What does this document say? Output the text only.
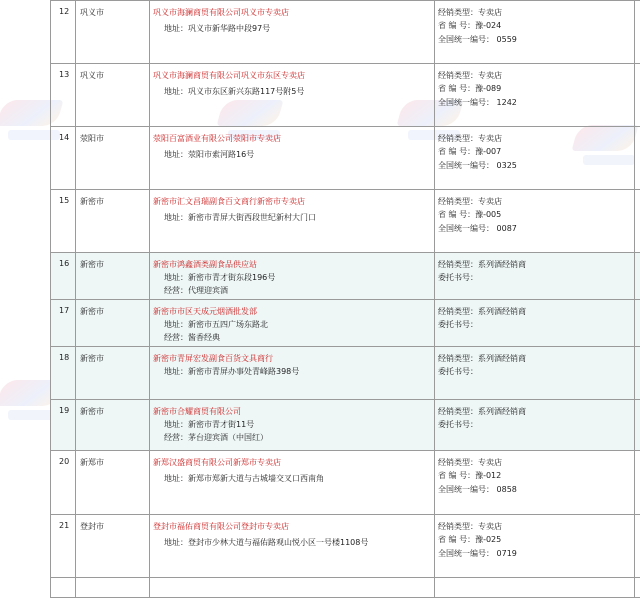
12	巩义市	巩义市海澜商贸有限公司巩义市专卖店
地址：巩义市新华路中段97号	经销类型：专卖店
省 编 号：豫-024
全国统一编号： 0559	

13	巩义市	巩义市海澜商贸有限公司巩义市东区专卖店
地址：巩义市东区新兴东路117号附5号	经销类型：专卖店
省 编 号：豫-089
全国统一编号： 1242	

14	荥阳市	荥阳百富酒业有限公司荥阳市专卖店
地址：荥阳市索河路16号	经销类型：专卖店
省 编 号：豫-007
全国统一编号： 0325	

15	新密市	新密市汇文昌瑞副食百文商行新密市专卖店
地址：新密市青屏大街西段世纪新村大门口	经销类型：专卖店
省 编 号：豫-005
全国统一编号： 0087	

16	新密市	新密市鸿鑫酒类副食品供应站
地址：新密市青才街东段196号
经营：代理迎宾酒	经销类型：系列酒经销商
委托书号：	

17	新密市	新密市市区天成元烟酒批发部
地址：新密市五四广场东路北
经营：酱香经典	经销类型：系列酒经销商
委托书号：	

18	新密市	新密市青屏宏发副食百货文具商行
地址：新密市青屏办事处青峰路398号	经销类型：系列酒经销商
委托书号：	

19	新密市	新密市合耀商贸有限公司
地址：新密市青才街11号
经营：茅台迎宾酒（中国红）	经销类型：系列酒经销商
委托书号：	

20	新郑市	新郑汉盛商贸有限公司新郑市专卖店
地址：新郑市郑新大道与古城墙交叉口西南角	经销类型：专卖店
省 编 号：豫-012
全国统一编号： 0858	

21	登封市	登封市福佑商贸有限公司登封市专卖店
地址：登封市少林大道与福佑路观山悦小区一号楼1108号	经销类型：专卖店
省 编 号：豫-025
全国统一编号： 0719	
